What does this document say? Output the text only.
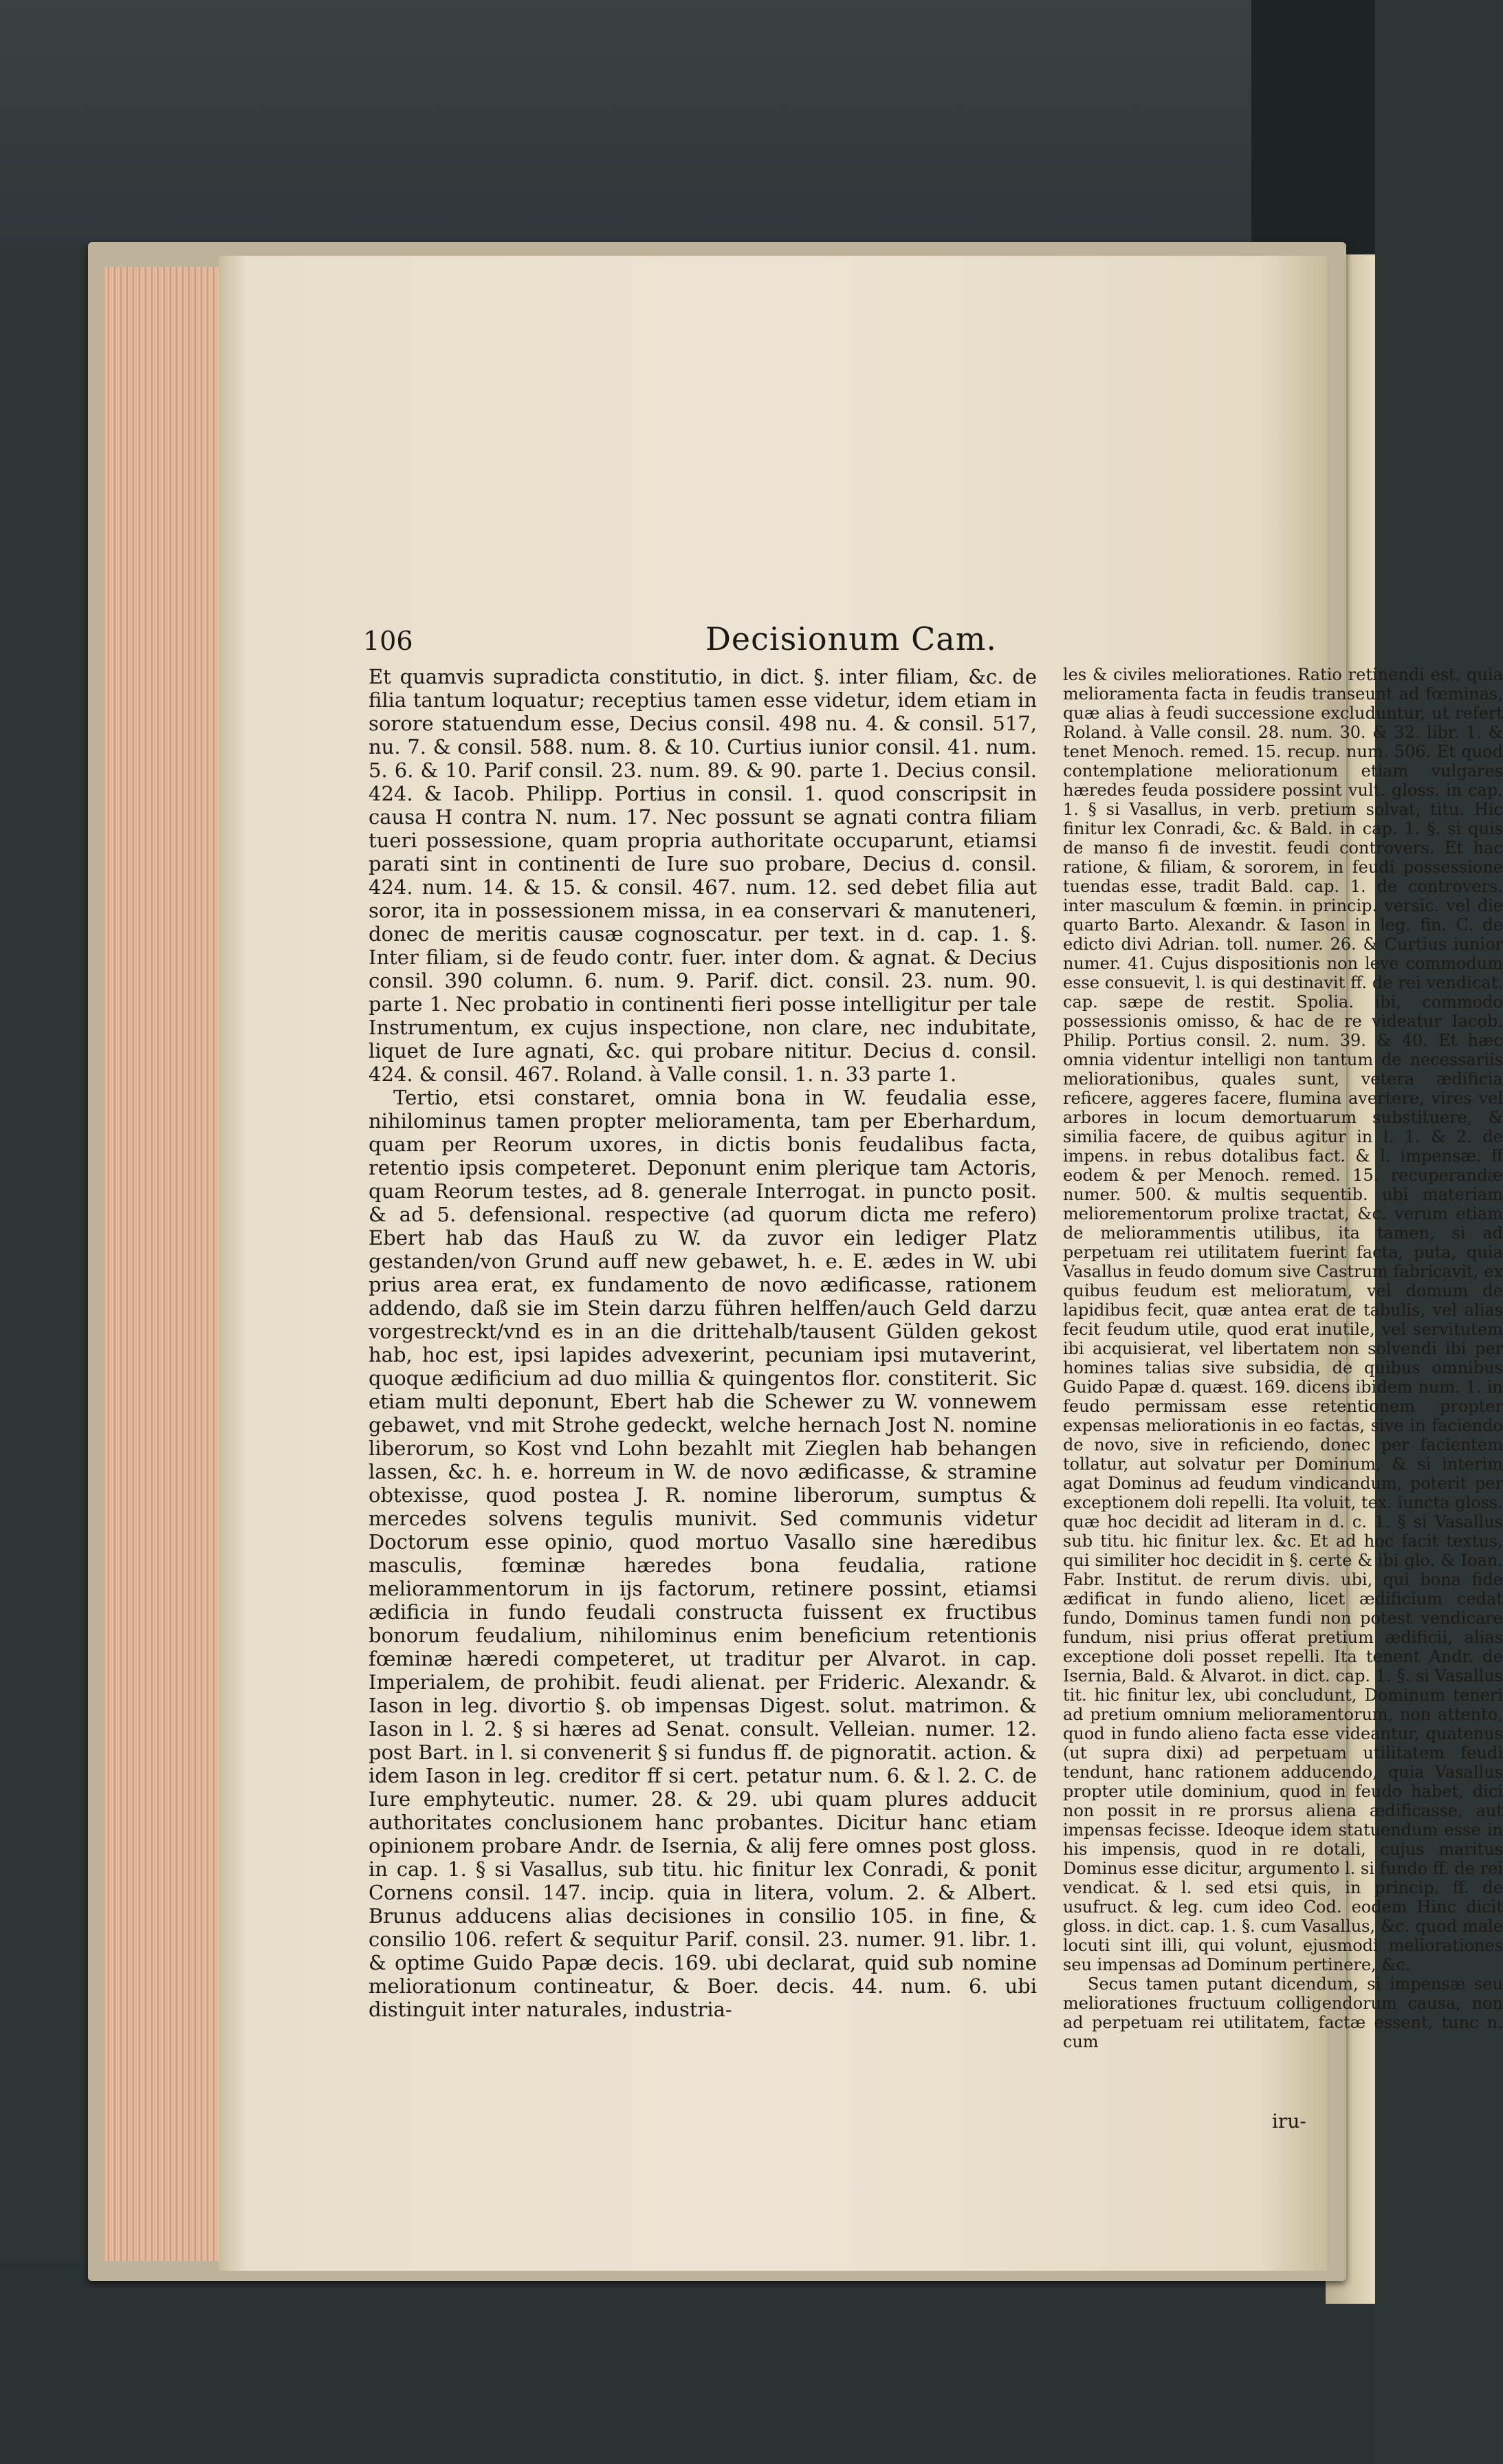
106	Decisionum Cam.

Et quamvis supradicta constitutio, in dict. §. inter filiam, &c. de filia tantum loquatur; receptius tamen esse videtur, idem etiam in sorore statuendum esse, Decius consil. 498 nu. 4. & consil. 517, nu. 7. & consil. 588. num. 8. & 10. Curtius iunior consil. 41. num. 5. 6. & 10. Parif consil. 23. num. 89. & 90. parte 1. Decius consil. 424. & Iacob. Philipp. Portius in consil. 1. quod conscripsit in causa H contra N. num. 17. Nec possunt se agnati contra filiam tueri possessione, quam propria authoritate occuparunt, etiamsi parati sint in continenti de Iure suo probare, Decius d. consil. 424. num. 14. & 15. & consil. 467. num. 12. sed debet filia aut soror, ita in possessionem missa, in ea conservari & manuteneri, donec de meritis causæ cognoscatur. per text. in d. cap. 1. §. Inter filiam, si de feudo contr. fuer. inter dom. & agnat. & Decius consil. 390 column. 6. num. 9. Parif. dict. consil. 23. num. 90. parte 1. Nec probatio in continenti fieri posse intelligitur per tale Instrumentum, ex cujus inspectione, non clare, nec indubitate, liquet de Iure agnati, &c. qui probare nititur. Decius d. consil. 424. & consil. 467. Roland. à Valle consil. 1. n. 33 parte 1.

Tertio, etsi constaret, omnia bona in W. feudalia esse, nihilominus tamen propter melioramenta, tam per Eberhardum, quam per Reorum uxores, in dictis bonis feudalibus facta, retentio ipsis competeret. Deponunt enim plerique tam Actoris, quam Reorum testes, ad 8. generale Interrogat. in puncto posit. & ad 5. defensional. respective (ad quorum dicta me refero) Ebert hab das Hauß zu W. da zuvor ein lediger Platz gestanden/von Grund auff new gebawet, h. e. E. ædes in W. ubi prius area erat, ex fundamento de novo ædificasse, rationem addendo, daß sie im Stein darzu führen helffen/auch Geld darzu vorgestreckt/vnd es in an die drittehalb/tausent Gülden gekost hab, hoc est, ipsi lapides advexerint, pecuniam ipsi mutaverint, quoque ædificium ad duo millia & quingentos flor. constiterit. Sic etiam multi deponunt, Ebert hab die Schewer zu W. vonnewem gebawet, vnd mit Strohe gedeckt, welche hernach Jost N. nomine liberorum, so Kost vnd Lohn bezahlt mit Zieglen hab behangen lassen, &c. h. e. horreum in W. de novo ædificasse, & stramine obtexisse, quod postea J. R. nomine liberorum, sumptus & mercedes solvens tegulis munivit. Sed communis videtur Doctorum esse opinio, quod mortuo Vasallo sine hæredibus masculis, fœminæ hæredes bona feudalia, ratione meliorammentorum in ijs factorum, retinere possint, etiamsi ædificia in fundo feudali constructa fuissent ex fructibus bonorum feudalium, nihilominus enim beneficium retentionis fœminæ hæredi competeret, ut traditur per Alvarot. in cap. Imperialem, de prohibit. feudi alienat. per Frideric. Alexandr. & Iason in leg. divortio §. ob impensas Digest. solut. matrimon. & Iason in l. 2. § si hæres ad Senat. consult. Velleian. numer. 12. post Bart. in l. si convenerit § si fundus ff. de pignoratit. action. & idem Iason in leg. creditor ff si cert. petatur num. 6. & l. 2. C. de Iure emphyteutic. numer. 28. & 29. ubi quam plures adducit authoritates conclusionem hanc probantes. Dicitur hanc etiam opinionem probare Andr. de Isernia, & alij fere omnes post gloss. in cap. 1. § si Vasallus, sub titu. hic finitur lex Conradi, & ponit Cornens consil. 147. incip. quia in litera, volum. 2. & Albert. Brunus adducens alias decisiones in consilio 105. in fine, & consilio 106. refert & sequitur Parif. consil. 23. numer. 91. libr. 1. & optime Guido Papæ decis. 169. ubi declarat, quid sub nomine meliorationum contineatur, & Boer. decis. 44. num. 6. ubi distinguit inter naturales, industria-

les & civiles meliorationes. Ratio retinendi est, quia melioramenta facta in feudis transeunt ad fœminas, quæ alias à feudi successione excluduntur, ut refert Roland. à Valle consil. 28. num. 30. & 32. libr. 1. & tenet Menoch. remed. 15. recup. num. 506. Et quod contemplatione meliorationum etiam vulgares hæredes feuda possidere possint vult. gloss. in cap. 1. § si Vasallus, in verb. pretium solvat, titu. Hic finitur lex Conradi, &c. & Bald. in cap. 1. §. si quis de manso fi de investit. feudi controvers. Et hac ratione, & filiam, & sororem, in feudi possessione tuendas esse, tradit Bald. cap. 1. de controvers. inter masculum & fœmin. in princip. versic. vel die quarto Barto. Alexandr. & Iason in leg. fin. C. de edicto divi Adrian. toll. numer. 26. & Curtius iunior numer. 41. Cujus dispositionis non leve commodum esse consuevit, l. is qui destinavit ff. de rei vendicat. cap. sæpe de restit. Spolia. ibi, commodo possessionis omisso, & hac de re videatur Iacob. Philip. Portius consil. 2. num. 39. & 40. Et hæc omnia videntur intelligi non tantum de necessariis meliorationibus, quales sunt, vetera ædificia reficere, aggeres facere, flumina avertere, vires vel arbores in locum demortuarum substituere, & similia facere, de quibus agitur in l. 1. & 2. de impens. in rebus dotalibus fact. & l. impensæ. ff eodem & per Menoch. remed. 15. recuperandæ numer. 500. & multis sequentib. ubi materiam meliorementorum prolixe tractat, &c. verum etiam de meliorammentis utilibus, ita tamen, si ad perpetuam rei utilitatem fuerint facta, puta, quia Vasallus in feudo domum sive Castrum fabricavit, ex quibus feudum est melioratum, vel domum de lapidibus fecit, quæ antea erat de tabulis, vel alias fecit feudum utile, quod erat inutile, vel servitutem ibi acquisierat, vel libertatem non solvendi ibi per homines talias sive subsidia, de quibus omnibus Guido Papæ d. quæst. 169. dicens ibidem num. 1. in feudo permissam esse retentionem propter expensas meliorationis in eo factas, sive in faciendo de novo, sive in reficiendo, donec per facientem tollatur, aut solvatur per Dominum, & si interim agat Dominus ad feudum vindicandum, poterit per exceptionem doli repelli. Ita voluit, tex. iuncta gloss. quæ hoc decidit ad literam in d. c. 1. § si Vasallus sub titu. hic finitur lex. &c. Et ad hoc facit textus, qui similiter hoc decidit in §. certe & ibi glo. & Ioan. Fabr. Institut. de rerum divis. ubi, qui bona fide ædificat in fundo alieno, licet ædificium cedat fundo, Dominus tamen fundi non potest vendicare fundum, nisi prius offerat pretium ædificii, alias exceptione doli posset repelli. Ita tenent Andr. de Isernia, Bald. & Alvarot. in dict. cap. 1. §. si Vasallus tit. hic finitur lex, ubi concludunt, Dominum teneri ad pretium omnium melioramentorum, non attento, quod in fundo alieno facta esse videantur, quatenus (ut supra dixi) ad perpetuam utilitatem feudi tendunt, hanc rationem adducendo, quia Vasallus propter utile dominium, quod in feudo habet, dici non possit in re prorsus aliena ædificasse, aut impensas fecisse. Ideoque idem statuendum esse in his impensis, quod in re dotali, cujus maritus Dominus esse dicitur, argumento l. si fundo ff. de rei vendicat. & l. sed etsi quis, in princip. ff. de usufruct. & leg. cum ideo Cod. eodem Hinc dicit gloss. in dict. cap. 1. §. cum Vasallus, &c. quod male locuti sint illi, qui volunt, ejusmodi meliorationes seu impensas ad Dominum pertinere, &c.

Secus tamen putant dicendum, si impensæ seu meliorationes fructuum colligendorum causa, non ad perpetuam rei utilitatem, factæ essent, tunc n. cum

iru-
